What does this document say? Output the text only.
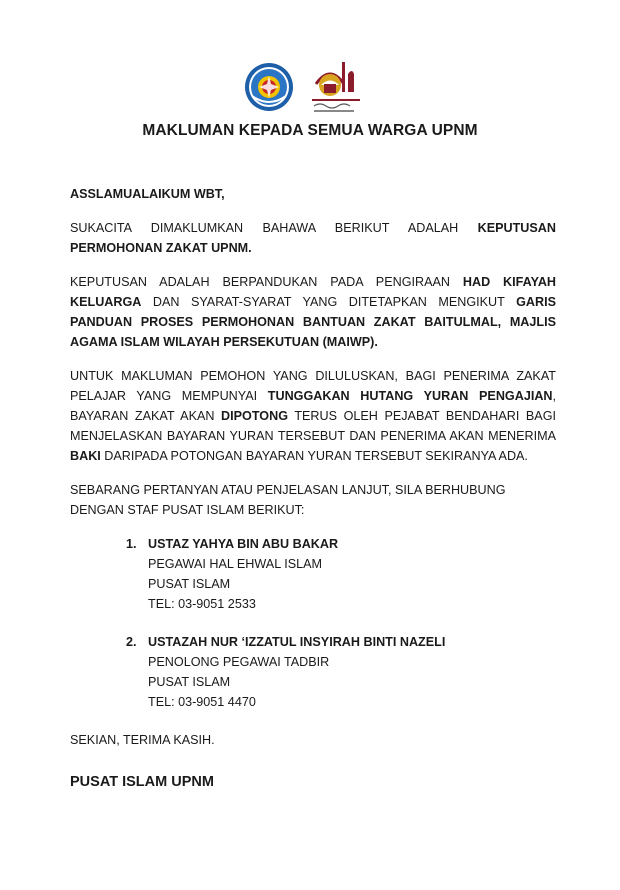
MAKLUMAN KEPADA SEMUA WARGA UPNM

ASSLAMUALAIKUM WBT,

SUKACITA DIMAKLUMKAN BAHAWA BERIKUT ADALAH KEPUTUSAN PERMOHONAN ZAKAT UPNM.

KEPUTUSAN ADALAH BERPANDUKAN PADA PENGIRAAN HAD KIFAYAH KELUARGA DAN SYARAT-SYARAT YANG DITETAPKAN MENGIKUT GARIS PANDUAN PROSES PERMOHONAN BANTUAN ZAKAT BAITULMAL, MAJLIS AGAMA ISLAM WILAYAH PERSEKUTUAN (MAIWP).

UNTUK MAKLUMAN PEMOHON YANG DILULUSKAN, BAGI PENERIMA ZAKAT PELAJAR YANG MEMPUNYAI TUNGGAKAN HUTANG YURAN PENGAJIAN, BAYARAN ZAKAT AKAN DIPOTONG TERUS OLEH PEJABAT BENDAHARI BAGI MENJELASKAN BAYARAN YURAN TERSEBUT DAN PENERIMA AKAN MENERIMA BAKI DARIPADA POTONGAN BAYARAN YURAN TERSEBUT SEKIRANYA ADA.

SEBARANG PERTANYAN ATAU PENJELASAN LANJUT, SILA BERHUBUNG DENGAN STAF PUSAT ISLAM BERIKUT:

1. USTAZ YAHYA BIN ABU BAKAR
PEGAWAI HAL EHWAL ISLAM
PUSAT ISLAM
TEL: 03-9051 2533
2. USTAZAH NUR ‘IZZATUL INSYIRAH BINTI NAZELI
PENOLONG PEGAWAI TADBIR
PUSAT ISLAM
TEL: 03-9051 4470

SEKIAN, TERIMA KASIH.

PUSAT ISLAM UPNM
